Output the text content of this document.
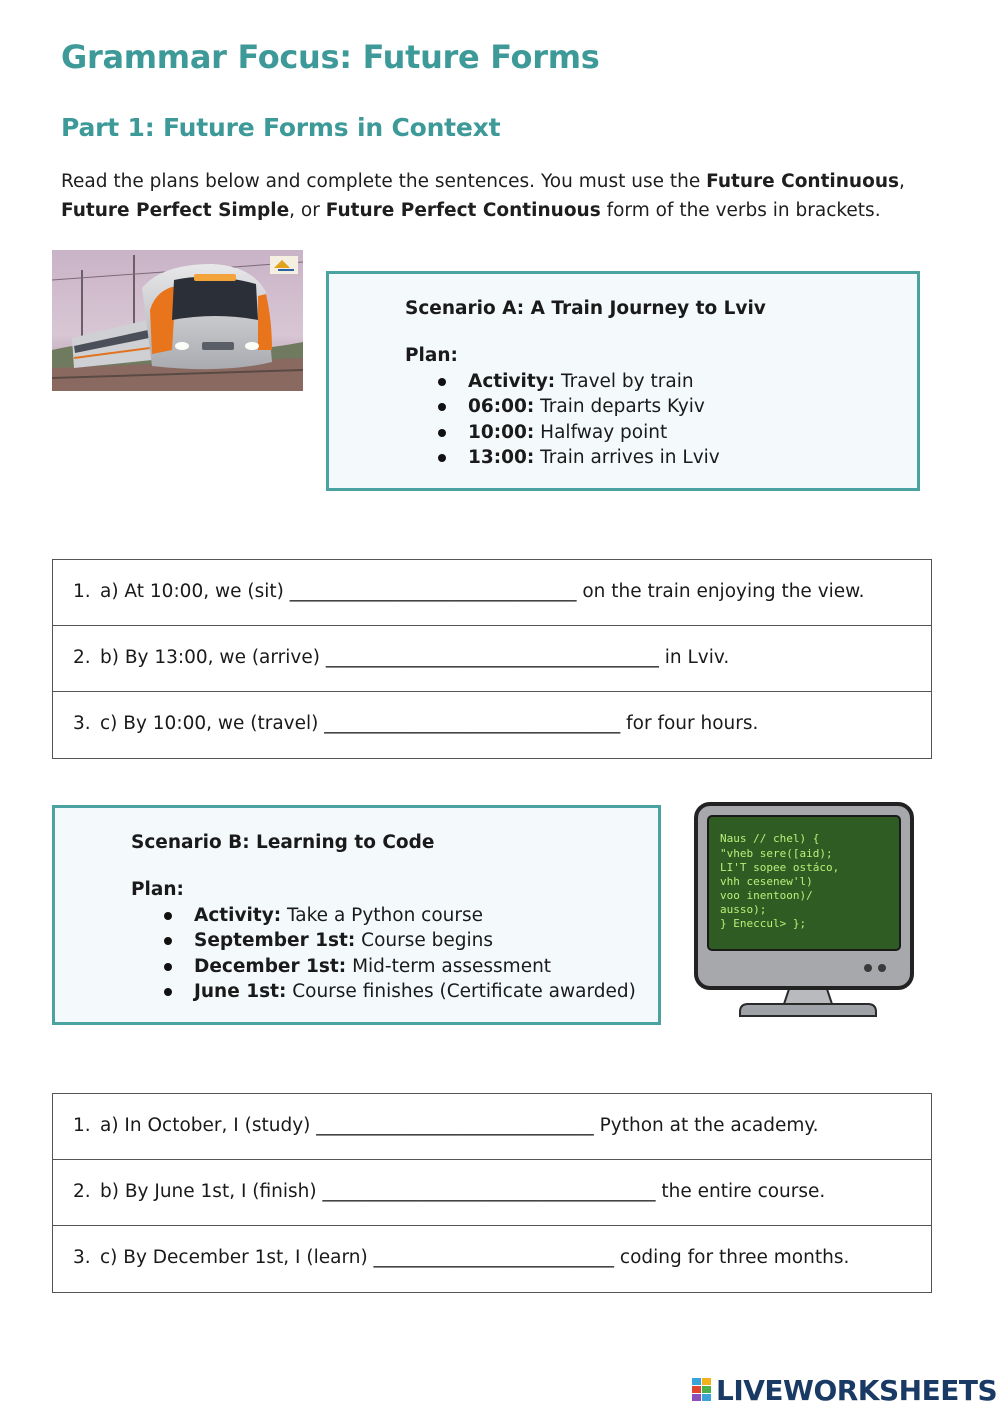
Grammar Focus: Future Forms
Part 1: Future Forms in Context

Read the plans below and complete the sentences. You must use the Future Continuous, Future Perfect Simple, or Future Perfect Continuous form of the verbs in brackets.

Scenario A: A Train Journey to Lviv
Plan:
Activity: Travel by train
06:00: Train departs Kyiv
10:00: Halfway point
13:00: Train arrives in Lviv
1. a) At 10:00, we (sit) _______________________________ on the train enjoying the view.
2. b) By 13:00, we (arrive) ____________________________________ in Lviv.
3. c) By 10:00, we (travel) ________________________________ for four hours.
Scenario B: Learning to Code
Plan:
Activity: Take a Python course
September 1st: Course begins
December 1st: Mid-term assessment
June 1st: Course finishes (Certificate awarded)
Naus // chel) {
"vheb sere([aid);
LI'T sopee ostáco,
vhh cesenew'l)
voo inentoon)/
ausso);
} Eneccul> };
1. a) In October, I (study) ______________________________ Python at the academy.
2. b) By June 1st, I (finish) ____________________________________ the entire course.
3. c) By December 1st, I (learn) __________________________ coding for three months.
LIVEWORKSHEETS
